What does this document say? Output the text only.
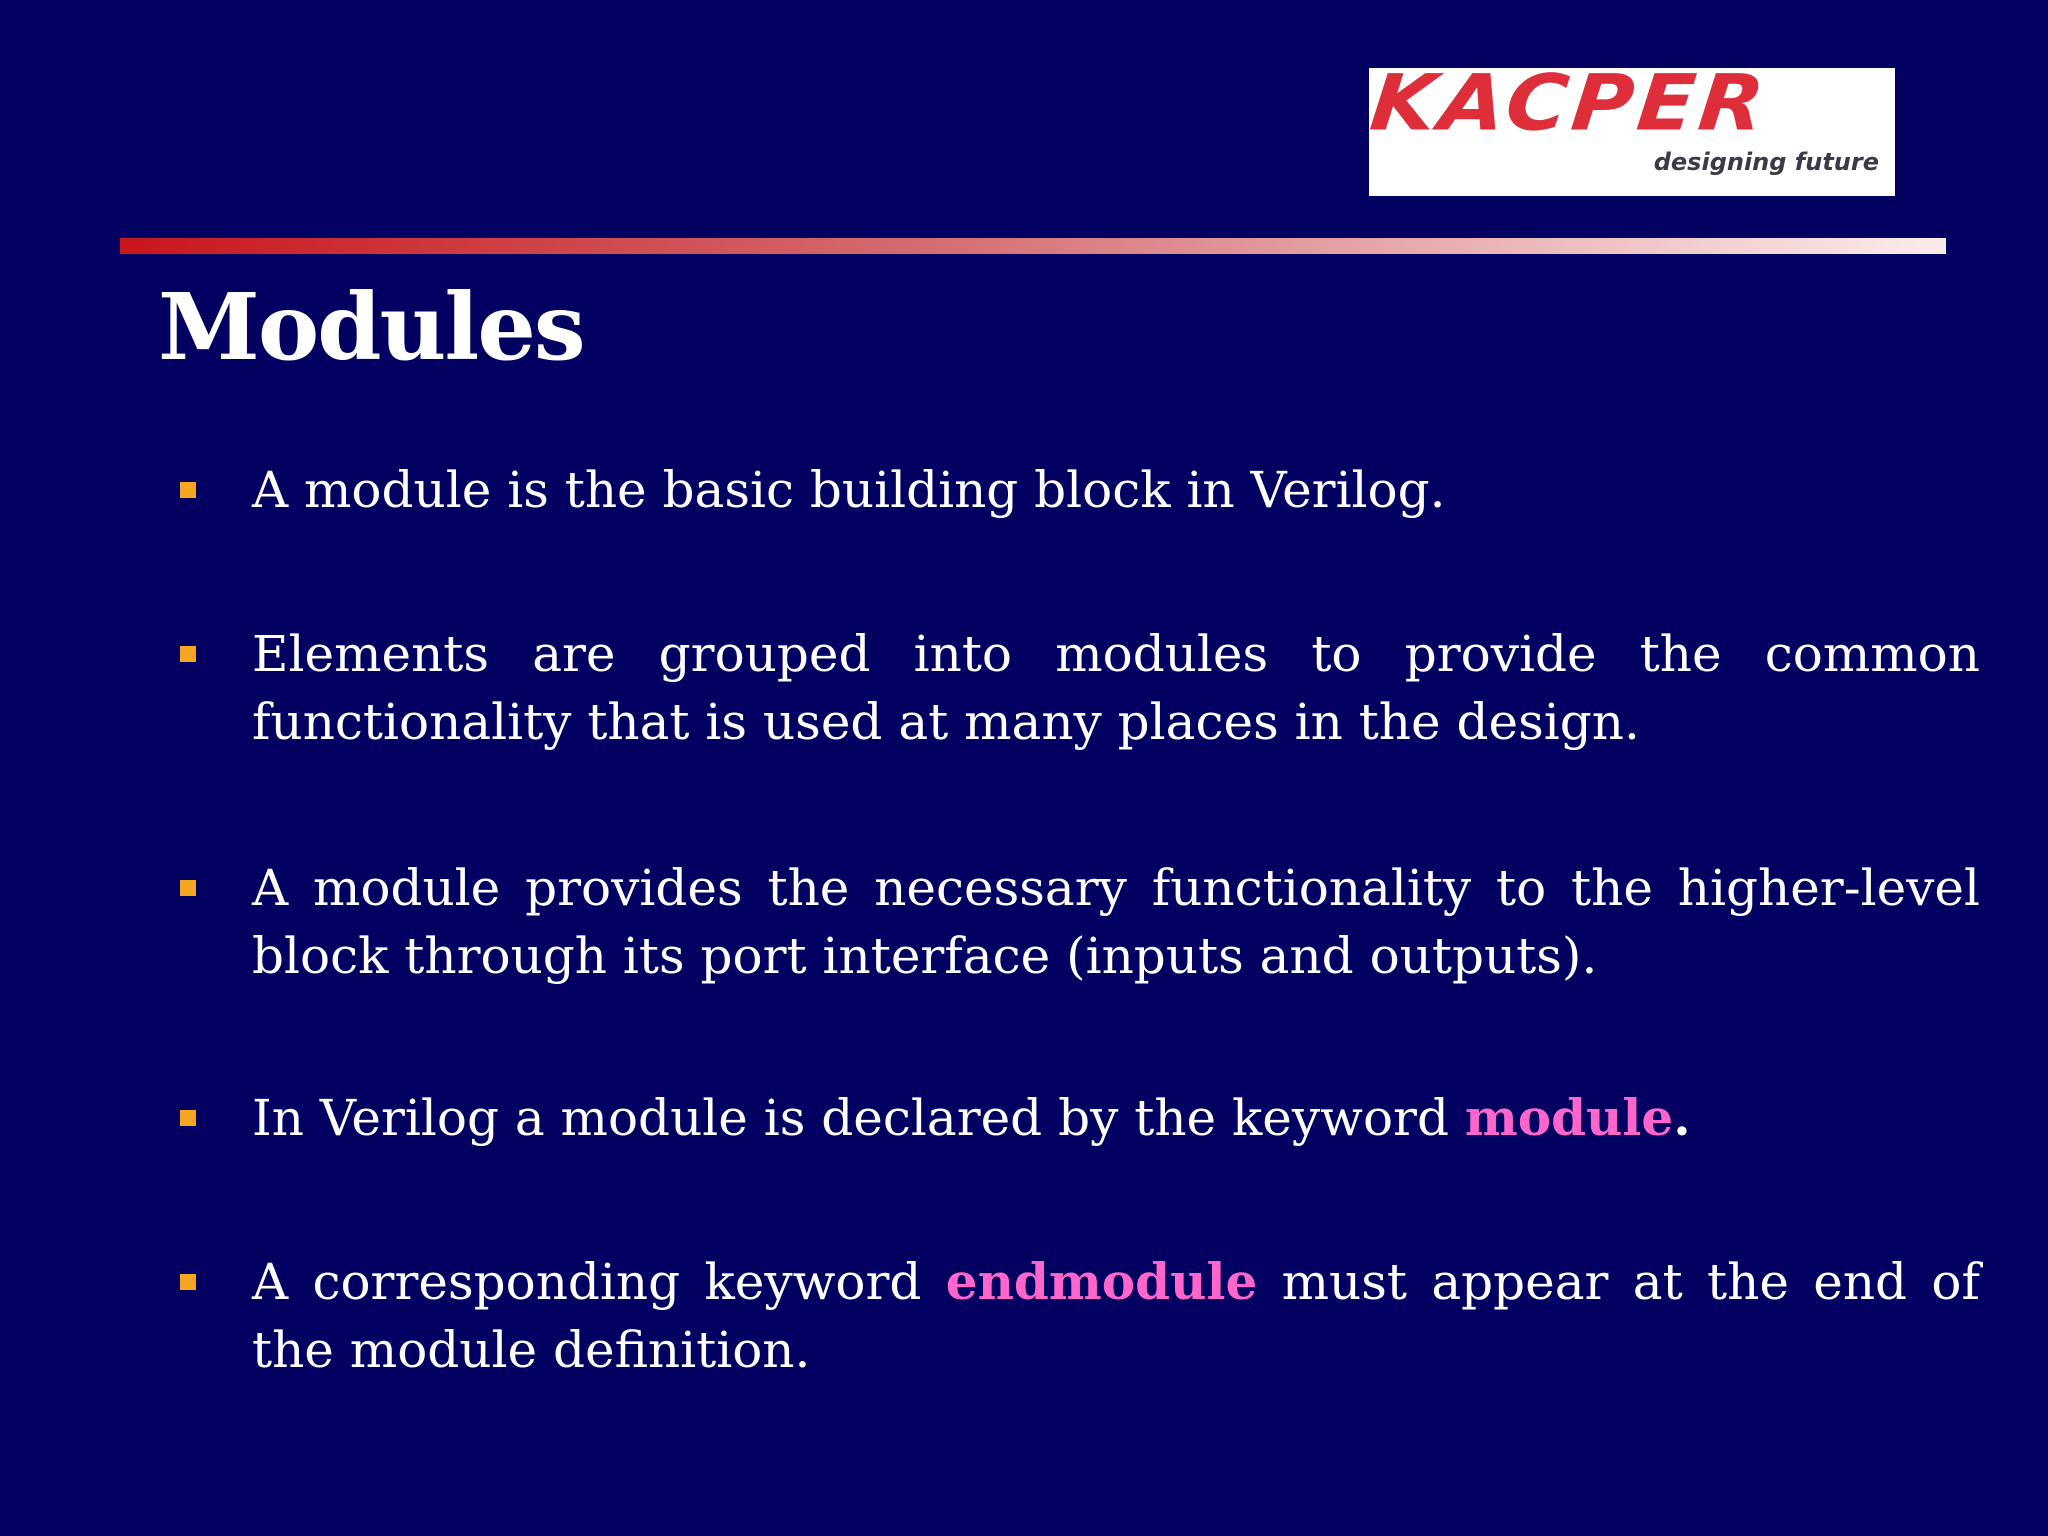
KACPER
designing future
Modules
A module is the basic building block in Verilog.
Elements are grouped into modules to provide the common functionality that is used at many places in the design.
A module provides the necessary functionality to the higher-level block through its port interface (inputs and outputs).
In Verilog a module is declared by the keyword module.
A corresponding keyword endmodule must appear at the end of the module definition.
